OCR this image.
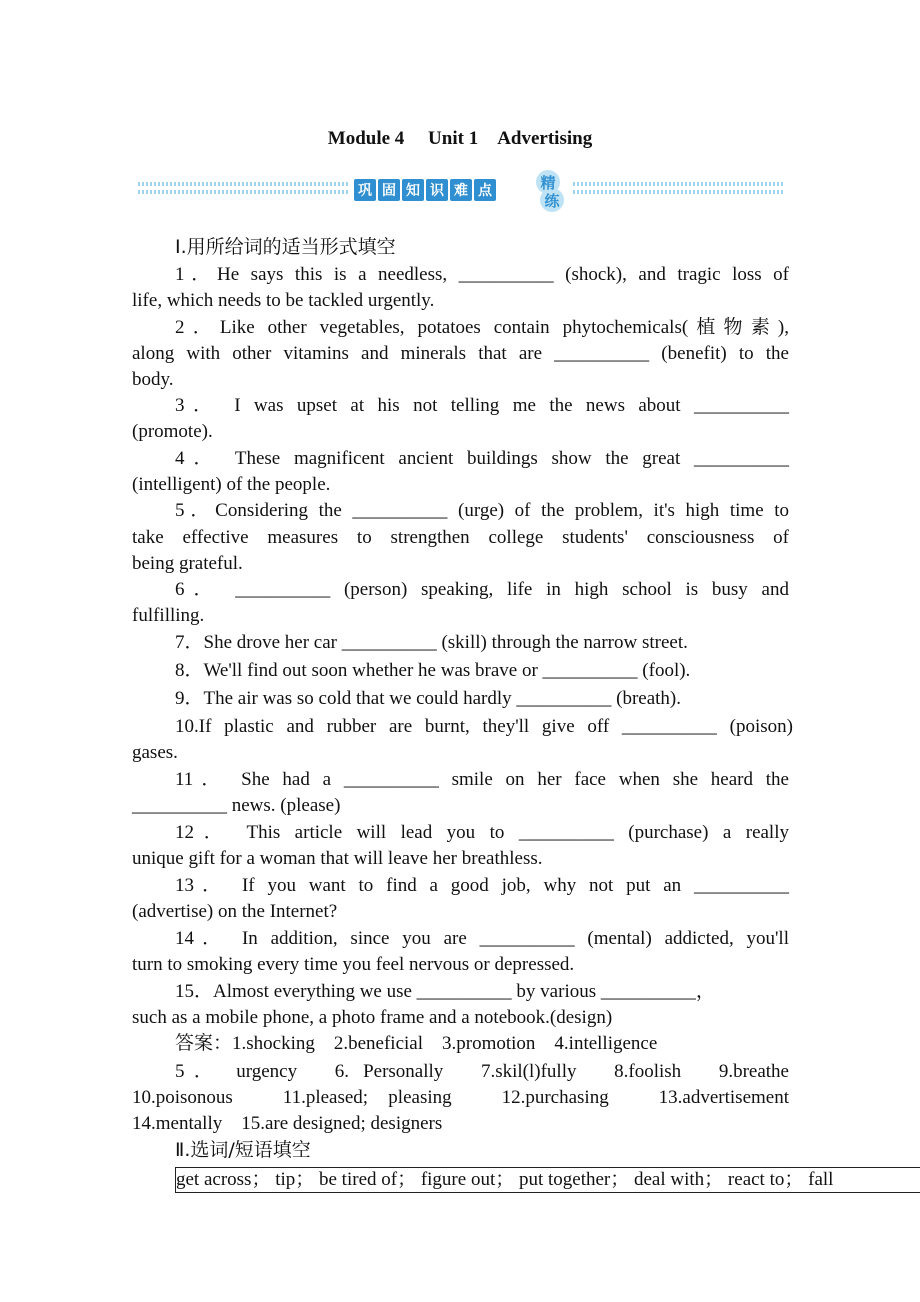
Module 4　 Unit 1　Advertising
巩 固 知 识 难 点	精
练
Ⅰ.用所给词的适当形式填空
1．He says this is a needless, __________ (shock), and tragic loss of
life, which needs to be tackled urgently.
2．Like other vegetables, potatoes contain phytochemicals(植物素),
along with other vitamins and minerals that are __________ (benefit) to the
body.
3． I was upset at his not telling me the news about __________
(promote).
4． These magnificent ancient buildings show the great __________
(intelligent) of the people.
5．Considering the __________ (urge) of the problem, it's high time to
take effective measures to strengthen college students' consciousness of
being grateful.
6． __________ (person) speaking, life in high school is busy and
fulfilling.
7．She drove her car __________ (skill) through the narrow street.
8．We'll find out soon whether he was brave or __________ (fool).
9．The air was so cold that we could hardly __________ (breath).
10.If plastic and rubber are burnt, they'll give off __________ (poison)
gases.
11． She had a __________ smile on her face when she heard the
__________ news. (please)
12． This article will lead you to __________ (purchase) a really
unique gift for a woman that will leave her breathless.
13． If you want to find a good job, why not put an __________
(advertise) on the Internet?
14． In addition, since you are __________ (mental) addicted, you'll
turn to smoking every time you feel nervous or depressed.
15．Almost everything we use __________ by various __________，
such as a mobile phone, a photo frame and a notebook.(design)
答案：1.shocking　2.beneficial　3.promotion　4.intelligence
5． urgency　6. Personally　7.skil(l)fully　8.foolish　9.breathe
10.poisonous　11.pleased; pleasing　12.purchasing　13.advertisement
14.mentally　15.are designed; designers
Ⅱ.选词/短语填空
get across； tip； be tired of； figure out； put together； deal with； react to； fall
